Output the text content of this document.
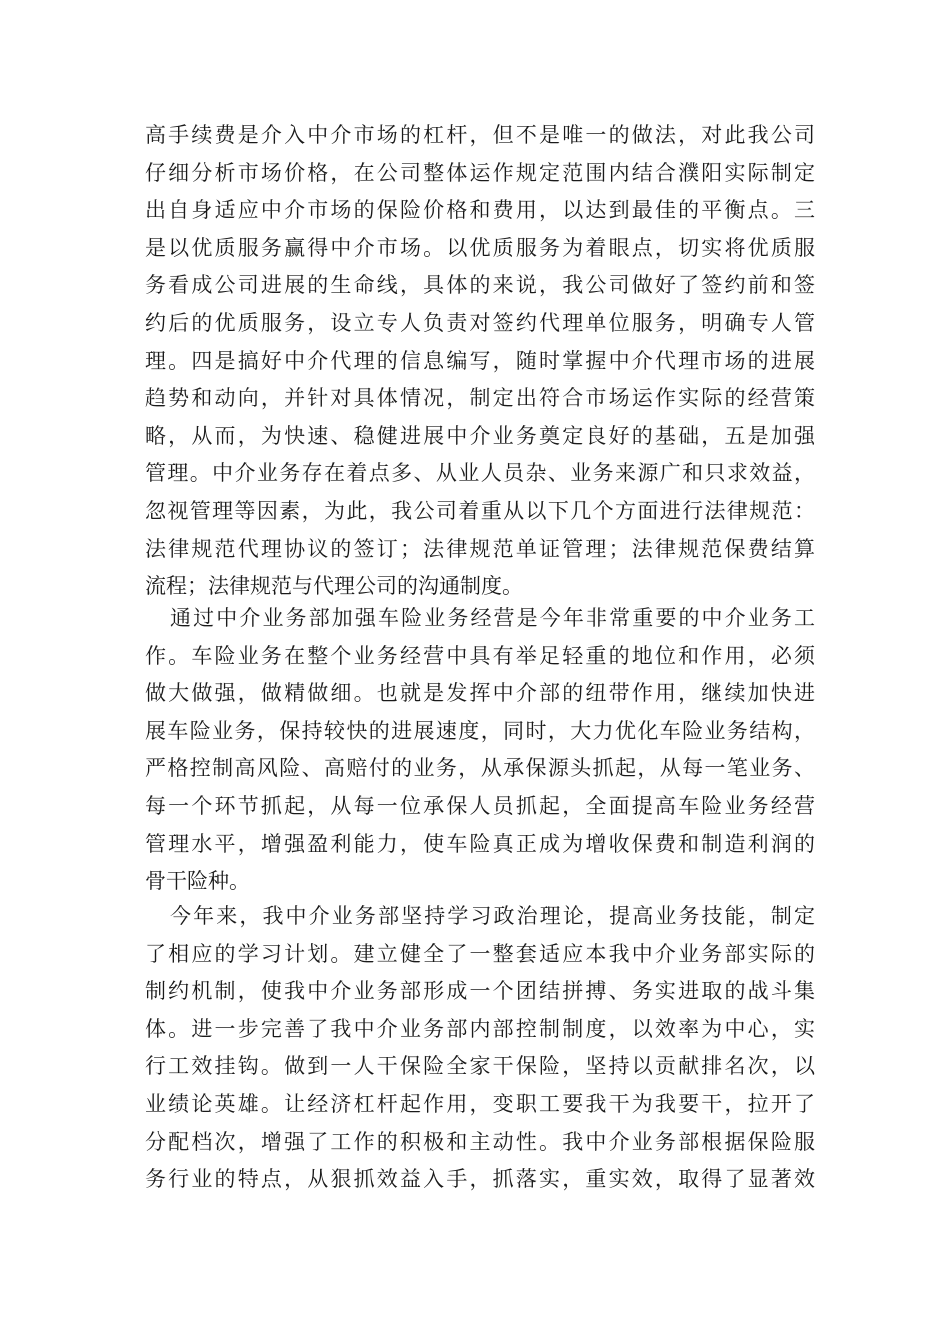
高手续费是介入中介市场的杠杆，但不是唯一的做法，对此我公司
仔细分析市场价格，在公司整体运作规定范围内结合濮阳实际制定
出自身适应中介市场的保险价格和费用，以达到最佳的平衡点。三
是以优质服务赢得中介市场。以优质服务为着眼点，切实将优质服
务看成公司进展的生命线，具体的来说，我公司做好了签约前和签
约后的优质服务，设立专人负责对签约代理单位服务，明确专人管
理。四是搞好中介代理的信息编写，随时掌握中介代理市场的进展
趋势和动向，并针对具体情况，制定出符合市场运作实际的经营策
略，从而，为快速、稳健进展中介业务奠定良好的基础，五是加强
管理。中介业务存在着点多、从业人员杂、业务来源广和只求效益，
忽视管理等因素，为此，我公司着重从以下几个方面进行法律规范：
法律规范代理协议的签订；法律规范单证管理；法律规范保费结算
流程；法律规范与代理公司的沟通制度。
通过中介业务部加强车险业务经营是今年非常重要的中介业务工
作。车险业务在整个业务经营中具有举足轻重的地位和作用，必须
做大做强，做精做细。也就是发挥中介部的纽带作用，继续加快进
展车险业务，保持较快的进展速度，同时，大力优化车险业务结构，
严格控制高风险、高赔付的业务，从承保源头抓起，从每一笔业务、
每一个环节抓起，从每一位承保人员抓起，全面提高车险业务经营
管理水平，增强盈利能力，使车险真正成为增收保费和制造利润的
骨干险种。
今年来，我中介业务部坚持学习政治理论，提高业务技能，制定
了相应的学习计划。建立健全了一整套适应本我中介业务部实际的
制约机制，使我中介业务部形成一个团结拼搏、务实进取的战斗集
体。进一步完善了我中介业务部内部控制制度，以效率为中心，实
行工效挂钩。做到一人干保险全家干保险，坚持以贡献排名次，以
业绩论英雄。让经济杠杆起作用，变职工要我干为我要干，拉开了
分配档次，增强了工作的积极和主动性。我中介业务部根据保险服
务行业的特点，从狠抓效益入手，抓落实，重实效，取得了显著效
